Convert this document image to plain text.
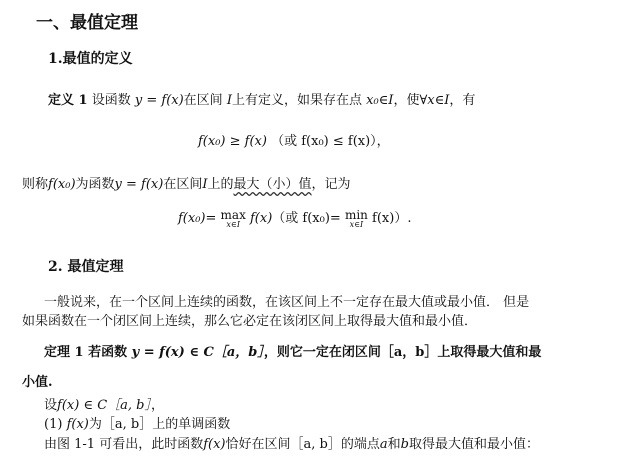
一、最值定理
1.最值的定义
定义 1 设函数 y = f(x)在区间 I上有定义，如果存在点 x₀∈I，使∀x∈I，有
f(x₀) ≥ f(x) （或 f(x₀) ≤ f(x)），
则称f(x₀)为函数y = f(x)在区间I上的最大（小）值，记为
f(x₀)= max
x∈I f(x)（或 f(x₀)= min
x∈I f(x)）.
2. 最值定理
一般说来，在一个区间上连续的函数，在该区间上不一定存在最大值或最小值． 但是
如果函数在一个闭区间上连续，那么它必定在该闭区间上取得最大值和最小值．
定理 1 若函数 y = f(x) ∈ C［a，b］，则它一定在闭区间［a，b］上取得最大值和最
小值.
设f(x) ∈ C［a, b］，
(1) f(x)为［a, b］上的单调函数
由图 1-1 可看出，此时函数f(x)恰好在区间［a, b］的端点a和b取得最大值和最小值：
